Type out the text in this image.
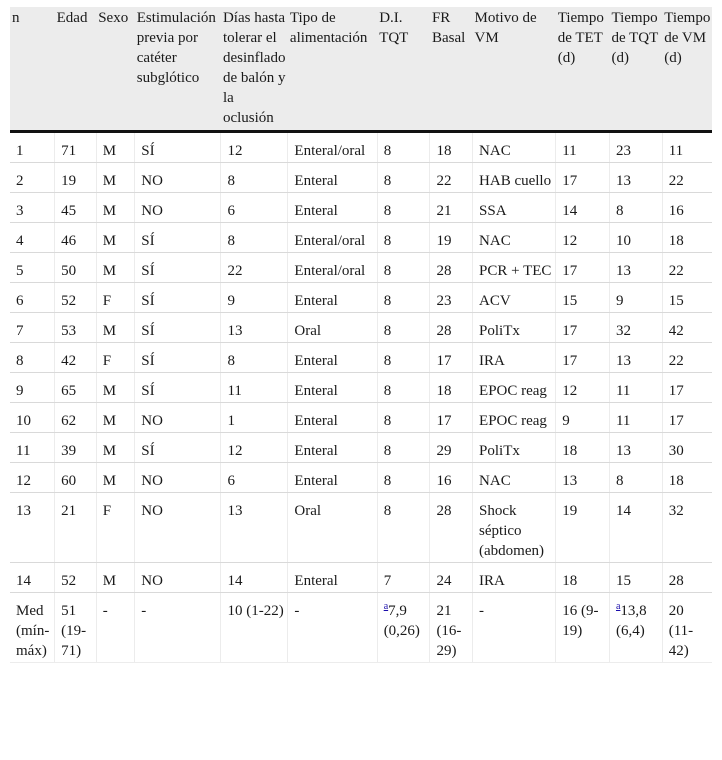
n	Edad	Sexo	Estimulación previa por catéter subglótico	Días hasta tolerar el desinflado de balón y la oclusión	Tipo de alimentación	D.I. TQT	FR Basal	Motivo de VM	Tiempo de TET (d)	Tiempo de TQT (d)	Tiempo de VM (d)
1	71	M	SÍ	12	Enteral/oral	8	18	NAC	11	23	11
2	19	M	NO	8	Enteral	8	22	HAB cuello	17	13	22
3	45	M	NO	6	Enteral	8	21	SSA	14	8	16
4	46	M	SÍ	8	Enteral/oral	8	19	NAC	12	10	18
5	50	M	SÍ	22	Enteral/oral	8	28	PCR + TEC	17	13	22
6	52	F	SÍ	9	Enteral	8	23	ACV	15	9	15
7	53	M	SÍ	13	Oral	8	28	PoliTx	17	32	42
8	42	F	SÍ	8	Enteral	8	17	IRA	17	13	22
9	65	M	SÍ	11	Enteral	8	18	EPOC reag	12	11	17
10	62	M	NO	1	Enteral	8	17	EPOC reag	9	11	17
11	39	M	SÍ	12	Enteral	8	29	PoliTx	18	13	30
12	60	M	NO	6	Enteral	8	16	NAC	13	8	18
13	21	F	NO	13	Oral	8	28	Shock séptico (abdomen)	19	14	32
14	52	M	NO	14	Enteral	7	24	IRA	18	15	28
Med (mín-máx)	51 (19-71)	-	-	10 (1-22)	-	$^a$7,9 (0,26)	21 (16-29)	-	16 (9-19)	$^a$13,8 (6,4)	20 (11-42)
